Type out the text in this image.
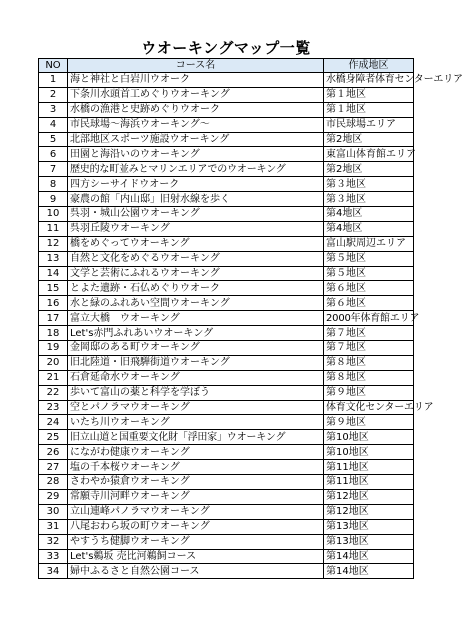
ウオーキングマップ一覧
NO	コース名	作成地区
1	海と神社と白岩川ウオーク	水橋身障者体育センターエリア
2	下条川水頭首工めぐりウオーキング	第１地区
3	水橋の漁港と史跡めぐりウオーク	第１地区
4	市民球場～海浜ウオーキング～	市民球場エリア
5	北部地区スポーツ施設ウオーキング	第2地区
6	田園と海沿いのウオーキング	東富山体育館エリア
7	歴史的な町並みとマリンエリアでのウオーキング	第2地区
8	四方シーサイドウオーク	第３地区
9	豪農の館「内山邸」旧射水線を歩く	第３地区
10	呉羽・城山公園ウオーキング	第4地区
11	呉羽丘陵ウオーキング	第4地区
12	橋をめぐってウオーキング	富山駅周辺エリア
13	自然と文化をめぐるウオーキング	第５地区
14	文学と芸術にふれるウオーキング	第５地区
15	とよた遺跡・石仏めぐりウオーク	第６地区
16	水と緑のふれあい空間ウオーキング	第６地区
17	富立大橋　ウオーキング	2000年体育館エリア
18	Let's赤門ふれあいウオーキング	第７地区
19	金岡邸のある町ウオーキング	第７地区
20	旧北陸道・旧飛騨街道ウオーキング	第８地区
21	石倉延命水ウオーキング	第８地区
22	歩いて富山の薬と科学を学ぼう	第９地区
23	空とパノラマウオーキング	体育文化センターエリア
24	いたち川ウオーキング	第９地区
25	旧立山道と国重要文化財「浮田家」ウオーキング	第10地区
26	にながわ健康ウオーキング	第10地区
27	塩の千本桜ウオーキング	第11地区
28	さわやか猿倉ウオーキング	第11地区
29	常願寺川河畔ウオーキング	第12地区
30	立山連峰パノラマウオーキング	第12地区
31	八尾おわら坂の町ウオーキング	第13地区
32	やすうち健脚ウオーキング	第13地区
33	Let's鵜坂 売比河鵜飼コース	第14地区
34	婦中ふるさと自然公園コース	第14地区
